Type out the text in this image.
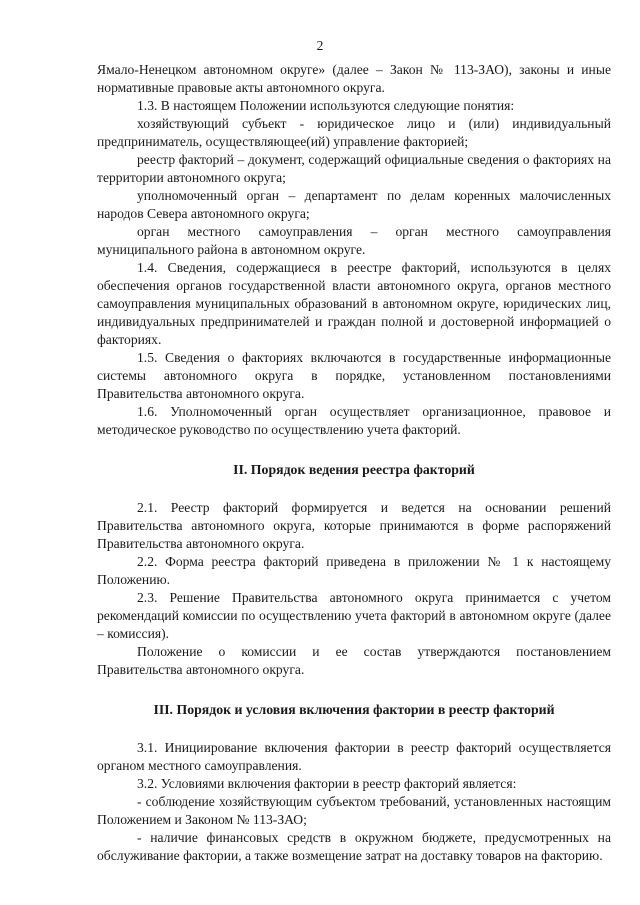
2

Ямало-Ненецком автономном округе» (далее – Закон № 113-ЗАО), законы и иные нормативные правовые акты автономного округа.

1.3. В настоящем Положении используются следующие понятия:

хозяйствующий субъект - юридическое лицо и (или) индивидуальный предприниматель, осуществляющее(ий) управление факторией;

реестр факторий – документ, содержащий официальные сведения о факториях на территории автономного округа;

уполномоченный орган – департамент по делам коренных малочисленных народов Севера автономного округа;

орган местного самоуправления – орган местного самоуправления муниципального района в автономном округе.

1.4. Сведения, содержащиеся в реестре факторий, используются в целях обеспечения органов государственной власти автономного округа, органов местного самоуправления муниципальных образований в автономном округе, юридических лиц, индивидуальных предпринимателей и граждан полной и достоверной информацией о факториях.

1.5. Сведения о факториях включаются в государственные информационные системы автономного округа в порядке, установленном постановлениями Правительства автономного округа.

1.6. Уполномоченный орган осуществляет организационное, правовое и методическое руководство по осуществлению учета факторий.

II. Порядок ведения реестра факторий

2.1. Реестр факторий формируется и ведется на основании решений Правительства автономного округа, которые принимаются в форме распоряжений Правительства автономного округа.

2.2. Форма реестра факторий приведена в приложении № 1 к настоящему Положению.

2.3. Решение Правительства автономного округа принимается с учетом рекомендаций комиссии по осуществлению учета факторий в автономном округе (далее – комиссия).

Положение о комиссии и ее состав утверждаются постановлением Правительства автономного округа.

III. Порядок и условия включения фактории в реестр факторий

3.1. Инициирование включения фактории в реестр факторий осуществляется органом местного самоуправления.

3.2. Условиями включения фактории в реестр факторий является:

- соблюдение хозяйствующим субъектом требований, установленных настоящим Положением и Законом № 113-ЗАО;

- наличие финансовых средств в окружном бюджете, предусмотренных на обслуживание фактории, а также возмещение затрат на доставку товаров на факторию.
